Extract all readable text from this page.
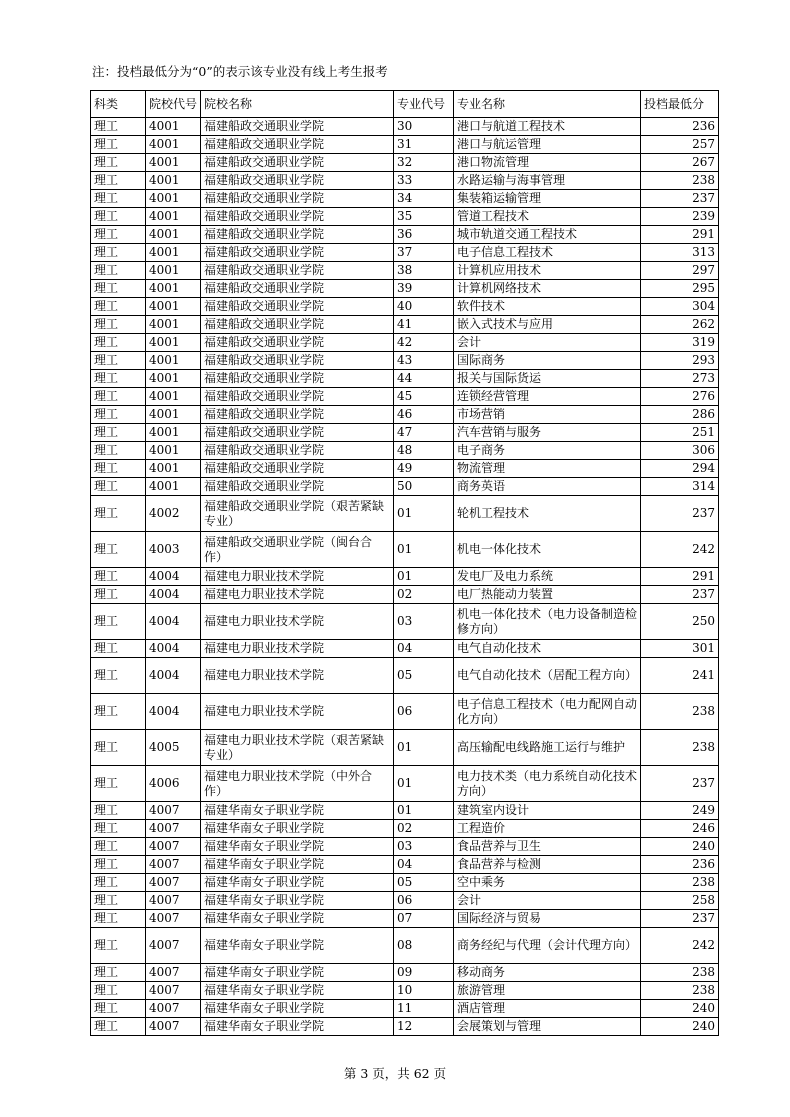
注：投档最低分为“0”的表示该专业没有线上考生报考
科类	院校代号	院校名称	专业代号	专业名称	投档最低分
理工	4001	福建船政交通职业学院	30	港口与航道工程技术	236
理工	4001	福建船政交通职业学院	31	港口与航运管理	257
理工	4001	福建船政交通职业学院	32	港口物流管理	267
理工	4001	福建船政交通职业学院	33	水路运输与海事管理	238
理工	4001	福建船政交通职业学院	34	集装箱运输管理	237
理工	4001	福建船政交通职业学院	35	管道工程技术	239
理工	4001	福建船政交通职业学院	36	城市轨道交通工程技术	291
理工	4001	福建船政交通职业学院	37	电子信息工程技术	313
理工	4001	福建船政交通职业学院	38	计算机应用技术	297
理工	4001	福建船政交通职业学院	39	计算机网络技术	295
理工	4001	福建船政交通职业学院	40	软件技术	304
理工	4001	福建船政交通职业学院	41	嵌入式技术与应用	262
理工	4001	福建船政交通职业学院	42	会计	319
理工	4001	福建船政交通职业学院	43	国际商务	293
理工	4001	福建船政交通职业学院	44	报关与国际货运	273
理工	4001	福建船政交通职业学院	45	连锁经营管理	276
理工	4001	福建船政交通职业学院	46	市场营销	286
理工	4001	福建船政交通职业学院	47	汽车营销与服务	251
理工	4001	福建船政交通职业学院	48	电子商务	306
理工	4001	福建船政交通职业学院	49	物流管理	294
理工	4001	福建船政交通职业学院	50	商务英语	314
理工	4002	福建船政交通职业学院（艰苦紧缺专业）	01	轮机工程技术	237
理工	4003	福建船政交通职业学院（闽台合作）	01	机电一体化技术	242
理工	4004	福建电力职业技术学院	01	发电厂及电力系统	291
理工	4004	福建电力职业技术学院	02	电厂热能动力装置	237
理工	4004	福建电力职业技术学院	03	机电一体化技术（电力设备制造检修方向）	250
理工	4004	福建电力职业技术学院	04	电气自动化技术	301
理工	4004	福建电力职业技术学院	05	电气自动化技术（居配工程方向）	241
理工	4004	福建电力职业技术学院	06	电子信息工程技术（电力配网自动化方向）	238
理工	4005	福建电力职业技术学院（艰苦紧缺专业）	01	高压输配电线路施工运行与维护	238
理工	4006	福建电力职业技术学院（中外合作）	01	电力技术类（电力系统自动化技术方向）	237
理工	4007	福建华南女子职业学院	01	建筑室内设计	249
理工	4007	福建华南女子职业学院	02	工程造价	246
理工	4007	福建华南女子职业学院	03	食品营养与卫生	240
理工	4007	福建华南女子职业学院	04	食品营养与检测	236
理工	4007	福建华南女子职业学院	05	空中乘务	238
理工	4007	福建华南女子职业学院	06	会计	258
理工	4007	福建华南女子职业学院	07	国际经济与贸易	237
理工	4007	福建华南女子职业学院	08	商务经纪与代理（会计代理方向）	242
理工	4007	福建华南女子职业学院	09	移动商务	238
理工	4007	福建华南女子职业学院	10	旅游管理	238
理工	4007	福建华南女子职业学院	11	酒店管理	240
理工	4007	福建华南女子职业学院	12	会展策划与管理	240
第 3 页，共 62 页
